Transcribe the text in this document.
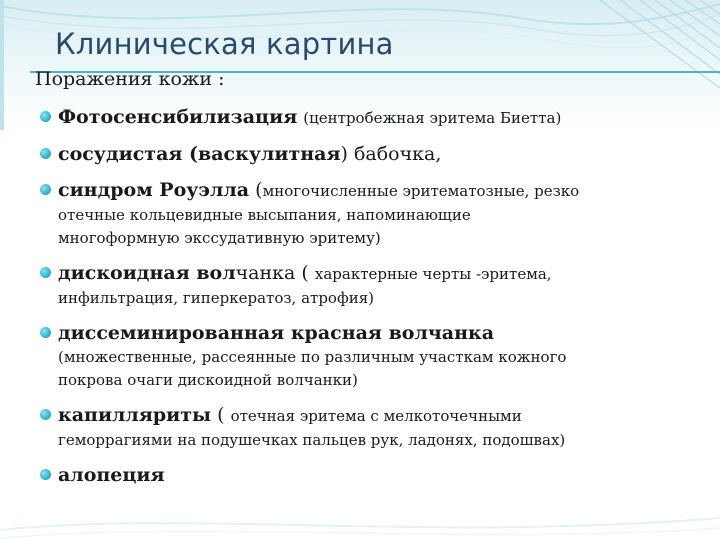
Клиническая картина
Поражения кожи :
Фотосенсибилизация (центробежная эритема Биетта)
сосудистая (васкулитная) бабочка,
синдром Роуэлла (многочисленные эритематозные, резко
отечные кольцевидные высыпания, напоминающие
многоформную экссудативную эритему)
дискоидная волчанка ( характерные черты -эритема,
инфильтрация, гиперкератоз, атрофия)
диссеминированная красная волчанка
(множественные, рассеянные по различным участкам кожного
покрова очаги дискоидной волчанки)
капилляриты ( отечная эритема с мелкоточечными
геморрагиями на подушечках пальцев рук, ладонях, подошвах)
алопеция
